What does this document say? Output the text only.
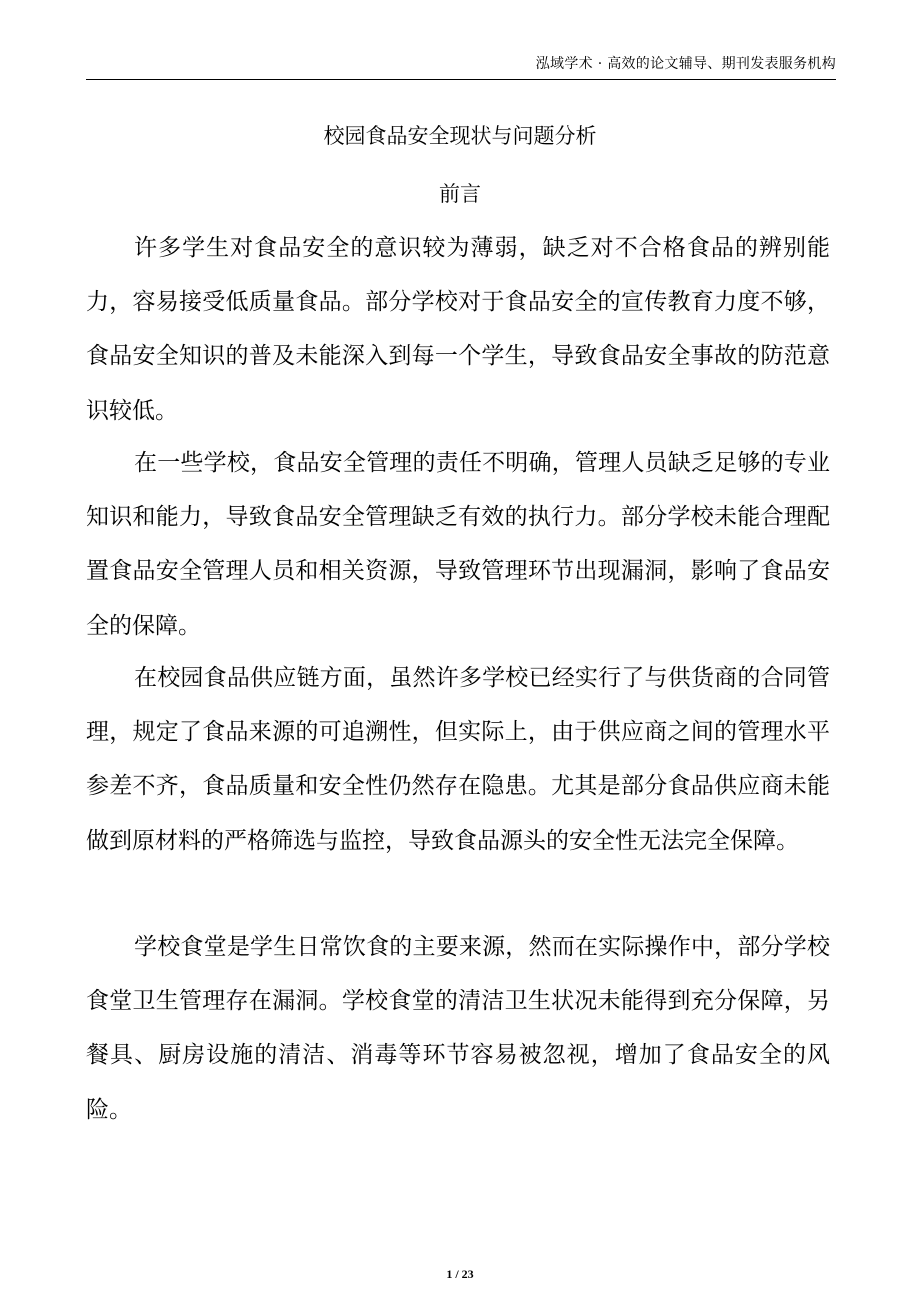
泓域学术 · 高效的论文辅导、期刊发表服务机构
校园食品安全现状与问题分析
前言

许多学生对食品安全的意识较为薄弱，缺乏对不合格食品的辨别能力，容易接受低质量食品。部分学校对于食品安全的宣传教育力度不够，食品安全知识的普及未能深入到每一个学生，导致食品安全事故的防范意识较低。

在一些学校，食品安全管理的责任不明确，管理人员缺乏足够的专业知识和能力，导致食品安全管理缺乏有效的执行力。部分学校未能合理配置食品安全管理人员和相关资源，导致管理环节出现漏洞，影响了食品安全的保障。

在校园食品供应链方面，虽然许多学校已经实行了与供货商的合同管理，规定了食品来源的可追溯性，但实际上，由于供应商之间的管理水平参差不齐，食品质量和安全性仍然存在隐患。尤其是部分食品供应商未能做到原材料的严格筛选与监控，导致食品源头的安全性无法完全保障。

学校食堂是学生日常饮食的主要来源，然而在实际操作中，部分学校食堂卫生管理存在漏洞。学校食堂的清洁卫生状况未能得到充分保障，另餐具、厨房设施的清洁、消毒等环节容易被忽视，增加了食品安全的风险。

1 / 23
